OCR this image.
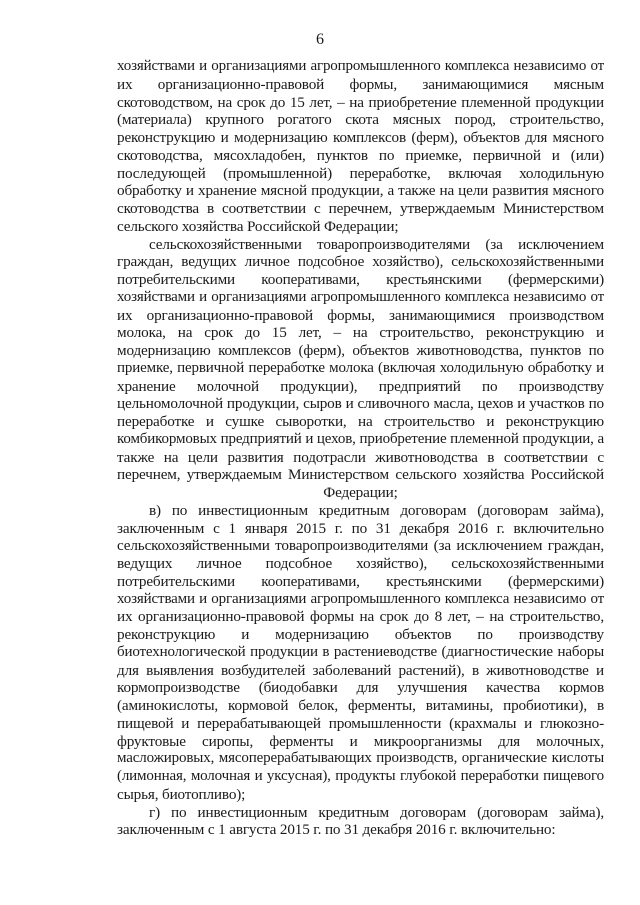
6
хозяйствами и организациями агропромышленного комплекса независимо от
их организационно-правовой формы, занимающимися мясным
скотоводством, на срок до 15 лет, – на приобретение племенной продукции
(материала) крупного рогатого скота мясных пород, строительство,
реконструкцию и модернизацию комплексов (ферм), объектов для мясного
скотоводства, мясохладобен, пунктов по приемке, первичной и (или)
последующей (промышленной) переработке, включая холодильную
обработку и хранение мясной продукции, а также на цели развития мясного
скотоводства в соответствии с перечнем, утверждаемым Министерством
сельского хозяйства Российской Федерации;
сельскохозяйственными товаропроизводителями (за исключением
граждан, ведущих личное подсобное хозяйство), сельскохозяйственными
потребительскими кооперативами, крестьянскими (фермерскими)
хозяйствами и организациями агропромышленного комплекса независимо от
их организационно-правовой формы, занимающимися производством
молока, на срок до 15 лет, – на строительство, реконструкцию и
модернизацию комплексов (ферм), объектов животноводства, пунктов по
приемке, первичной переработке молока (включая холодильную обработку и
хранение молочной продукции), предприятий по производству
цельномолочной продукции, сыров и сливочного масла, цехов и участков по
переработке и сушке сыворотки, на строительство и реконструкцию
комбикормовых предприятий и цехов, приобретение племенной продукции, а
также на цели развития подотрасли животноводства в соответствии с
перечнем, утверждаемым Министерством сельского хозяйства Российской
Федерации;
в) по инвестиционным кредитным договорам (договорам займа),
заключенным с 1 января 2015 г. по 31 декабря 2016 г. включительно
сельскохозяйственными товаропроизводителями (за исключением граждан,
ведущих личное подсобное хозяйство), сельскохозяйственными
потребительскими кооперативами, крестьянскими (фермерскими)
хозяйствами и организациями агропромышленного комплекса независимо от
их организационно-правовой формы на срок до 8 лет, – на строительство,
реконструкцию и модернизацию объектов по производству
биотехнологической продукции в растениеводстве (диагностические наборы
для выявления возбудителей заболеваний растений), в животноводстве и
кормопроизводстве (биодобавки для улучшения качества кормов
(аминокислоты, кормовой белок, ферменты, витамины, пробиотики), в
пищевой и перерабатывающей промышленности (крахмалы и глюкозно-
фруктовые сиропы, ферменты и микроорганизмы для молочных,
масложировых, мясоперерабатывающих производств, органические кислоты
(лимонная, молочная и уксусная), продукты глубокой переработки пищевого
сырья, биотопливо);
г) по инвестиционным кредитным договорам (договорам займа),
заключенным с 1 августа 2015 г. по 31 декабря 2016 г. включительно:
